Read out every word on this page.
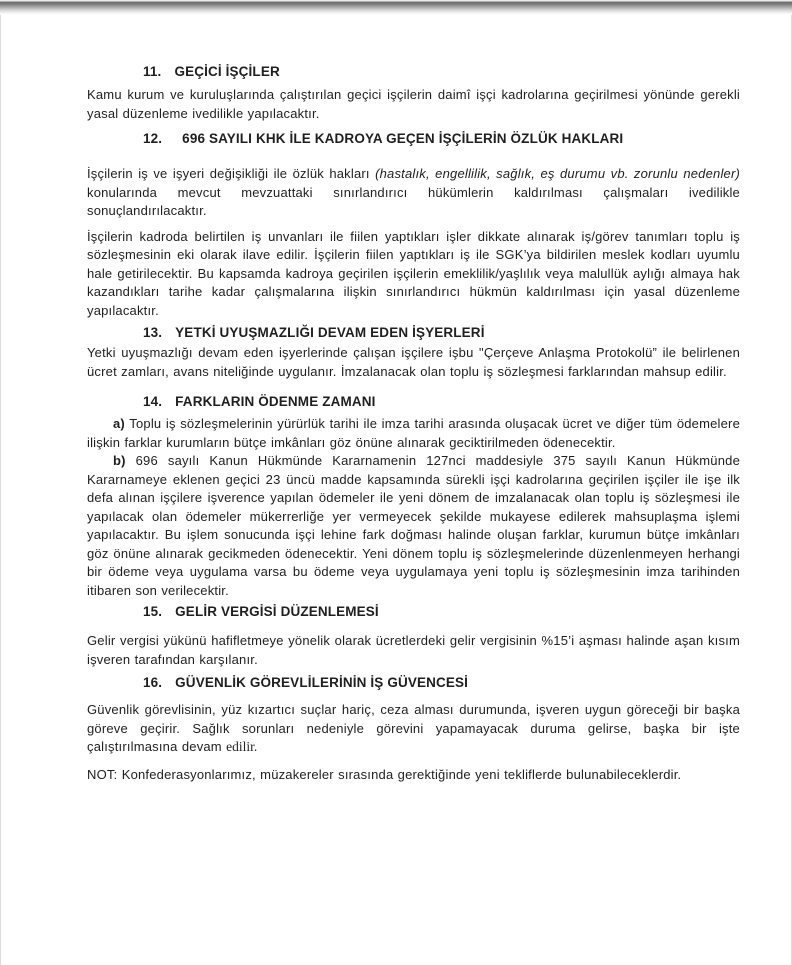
11. GEÇİCİ İŞÇİLER

Kamu kurum ve kuruluşlarında çalıştırılan geçici işçilerin daimî işçi kadrolarına geçirilmesi yönünde gerekli yasal düzenleme ivedilikle yapılacaktır.

12. 696 SAYILI KHK İLE KADROYA GEÇEN İŞÇİLERİN ÖZLÜK HAKLARI

İşçilerin iş ve işyeri değişikliği ile özlük hakları (hastalık, engellilik, sağlık, eş durumu vb. zorunlu nedenler) konularında mevcut mevzuattaki sınırlandırıcı hükümlerin kaldırılması çalışmaları ivedilikle sonuçlandırılacaktır.

İşçilerin kadroda belirtilen iş unvanları ile fiilen yaptıkları işler dikkate alınarak iş/görev tanımları toplu iş sözleşmesinin eki olarak ilave edilir. İşçilerin fiilen yaptıkları iş ile SGK’ya bildirilen meslek kodları uyumlu hale getirilecektir. Bu kapsamda kadroya geçirilen işçilerin emeklilik/yaşlılık veya malullük aylığı almaya hak kazandıkları tarihe kadar çalışmalarına ilişkin sınırlandırıcı hükmün kaldırılması için yasal düzenleme yapılacaktır.

13. YETKİ UYUŞMAZLIĞI DEVAM EDEN İŞYERLERİ

Yetki uyuşmazlığı devam eden işyerlerinde çalışan işçilere işbu "Çerçeve Anlaşma Protokolü” ile belirlenen ücret zamları, avans niteliğinde uygulanır. İmzalanacak olan toplu iş sözleşmesi farklarından mahsup edilir.

14. FARKLARIN ÖDENME ZAMANI

a) Toplu iş sözleşmelerinin yürürlük tarihi ile imza tarihi arasında oluşacak ücret ve diğer tüm ödemelere ilişkin farklar kurumların bütçe imkânları göz önüne alınarak geciktirilmeden ödenecektir.

b) 696 sayılı Kanun Hükmünde Kararnamenin 127nci maddesiyle 375 sayılı Kanun Hükmünde Kararnameye eklenen geçici 23 üncü madde kapsamında sürekli işçi kadrolarına geçirilen işçiler ile işe ilk defa alınan işçilere işverence yapılan ödemeler ile yeni dönem de imzalanacak olan toplu iş sözleşmesi ile yapılacak olan ödemeler mükerrerliğe yer vermeyecek şekilde mukayese edilerek mahsuplaşma işlemi yapılacaktır. Bu işlem sonucunda işçi lehine fark doğması halinde oluşan farklar, kurumun bütçe imkânları göz önüne alınarak gecikmeden ödenecektir. Yeni dönem toplu iş sözleşmelerinde düzenlenmeyen herhangi bir ödeme veya uygulama varsa bu ödeme veya uygulamaya yeni toplu iş sözleşmesinin imza tarihinden itibaren son verilecektir.

15. GELİR VERGİSİ DÜZENLEMESİ

Gelir vergisi yükünü hafifletmeye yönelik olarak ücretlerdeki gelir vergisinin %15’i aşması halinde aşan kısım işveren tarafından karşılanır.

16. GÜVENLİK GÖREVLİLERİNİN İŞ GÜVENCESİ

Güvenlik görevlisinin, yüz kızartıcı suçlar hariç, ceza alması durumunda, işveren uygun göreceği bir başka göreve geçirir. Sağlık sorunları nedeniyle görevini yapamayacak duruma gelirse, başka bir işte çalıştırılmasına devam edilir.

NOT: Konfederasyonlarımız, müzakereler sırasında gerektiğinde yeni tekliflerde bulunabileceklerdir.
